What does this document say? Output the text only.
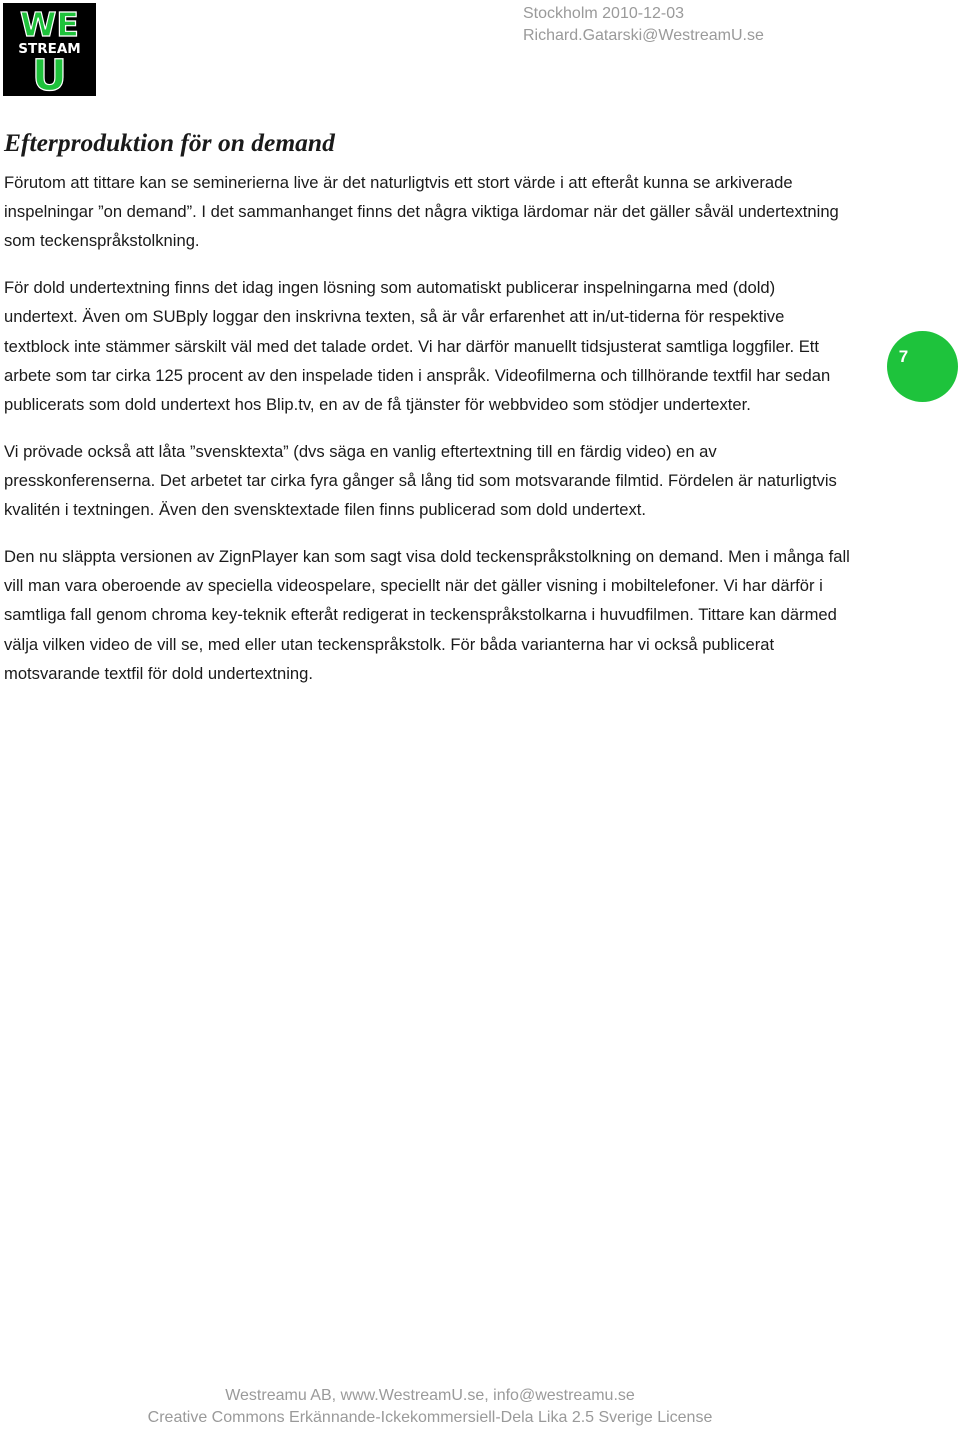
WE
STREAM
U
Stockholm 2010-12-03
Richard.Gatarski@WestreamU.se
Efterproduktion för on demand

Förutom att tittare kan se seminerierna live är det naturligtvis ett stort värde i att efteråt kunna se arkiverade inspelningar ”on demand”. I det sammanhanget finns det några viktiga lärdomar när det gäller såväl undertextning som teckenspråkstolkning.

För dold undertextning finns det idag ingen lösning som automatiskt publicerar inspelningarna med (dold) undertext. Även om SUBply loggar den inskrivna texten, så är vår erfarenhet att in/ut-tiderna för respektive textblock inte stämmer särskilt väl med det talade ordet. Vi har därför manuellt tidsjusterat samtliga loggfiler. Ett arbete som tar cirka 125 procent av den inspelade tiden i anspråk. Videofilmerna och tillhörande textfil har sedan publicerats som dold undertext hos Blip.tv, en av de få tjänster för webbvideo som stödjer undertexter.

Vi prövade också att låta ”svensktexta” (dvs säga en vanlig eftertextning till en färdig video) en av presskonferenserna. Det arbetet tar cirka fyra gånger så lång tid som motsvarande filmtid. Fördelen är naturligtvis kvalitén i textningen. Även den svensktextade filen finns publicerad som dold undertext.

Den nu släppta versionen av ZignPlayer kan som sagt visa dold teckenspråkstolkning on demand. Men i många fall vill man vara oberoende av speciella videospelare, speciellt när det gäller visning i mobiltelefoner. Vi har därför i samtliga fall genom chroma key-teknik efteråt redigerat in teckenspråkstolkarna i huvudfilmen. Tittare kan därmed välja vilken video de vill se, med eller utan teckenspråkstolk. För båda varianterna har vi också publicerat motsvarande textfil för dold undertextning.

7
Westreamu AB, www.WestreamU.se, info@westreamu.se
Creative Commons Erkännande-Ickekommersiell-Dela Lika 2.5 Sverige License
